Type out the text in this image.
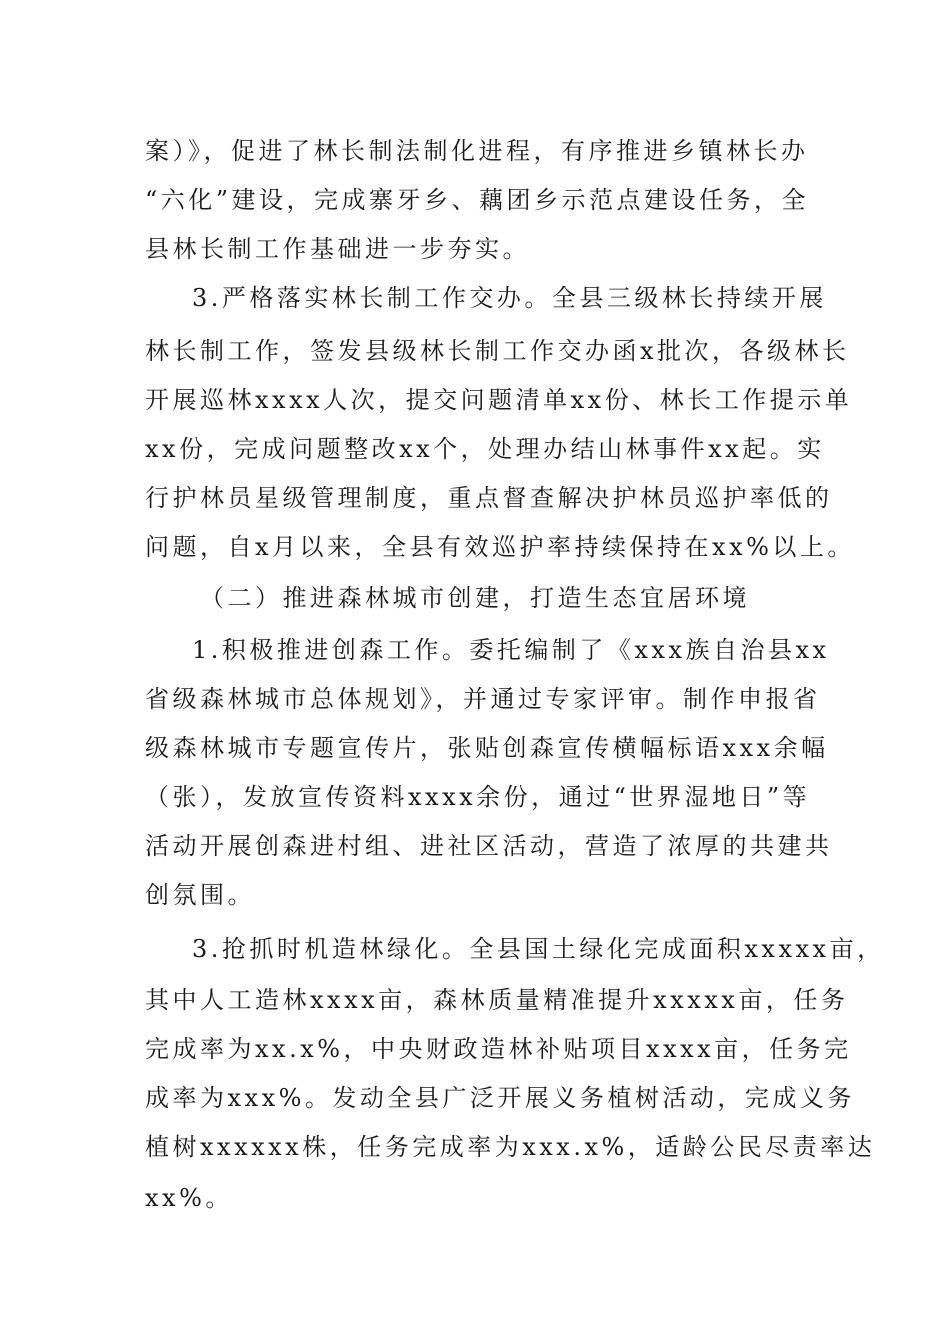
案）》，促进了林长制法制化进程，有序推进乡镇林长办
“六化”建设，完成寨牙乡、藕团乡示范点建设任务，全
县林长制工作基础进一步夯实。
3.严格落实林长制工作交办。全县三级林长持续开展
林长制工作，签发县级林长制工作交办函x批次，各级林长
开展巡林xxxx人次，提交问题清单xx份、林长工作提示单
xx份，完成问题整改xx个，处理办结山林事件xx起。实
行护林员星级管理制度，重点督查解决护林员巡护率低的
问题，自x月以来，全县有效巡护率持续保持在xx%以上。
（二）推进森林城市创建，打造生态宜居环境
1.积极推进创森工作。委托编制了《xxx族自治县xx
省级森林城市总体规划》，并通过专家评审。制作申报省
级森林城市专题宣传片，张贴创森宣传横幅标语xxx余幅
（张），发放宣传资料xxxx余份，通过“世界湿地日”等
活动开展创森进村组、进社区活动，营造了浓厚的共建共
创氛围。
3.抢抓时机造林绿化。全县国土绿化完成面积xxxxx亩，
其中人工造林xxxx亩，森林质量精准提升xxxxx亩，任务
完成率为xx.x%，中央财政造林补贴项目xxxx亩，任务完
成率为xxx%。发动全县广泛开展义务植树活动，完成义务
植树xxxxxx株，任务完成率为xxx.x%，适龄公民尽责率达
xx%。
